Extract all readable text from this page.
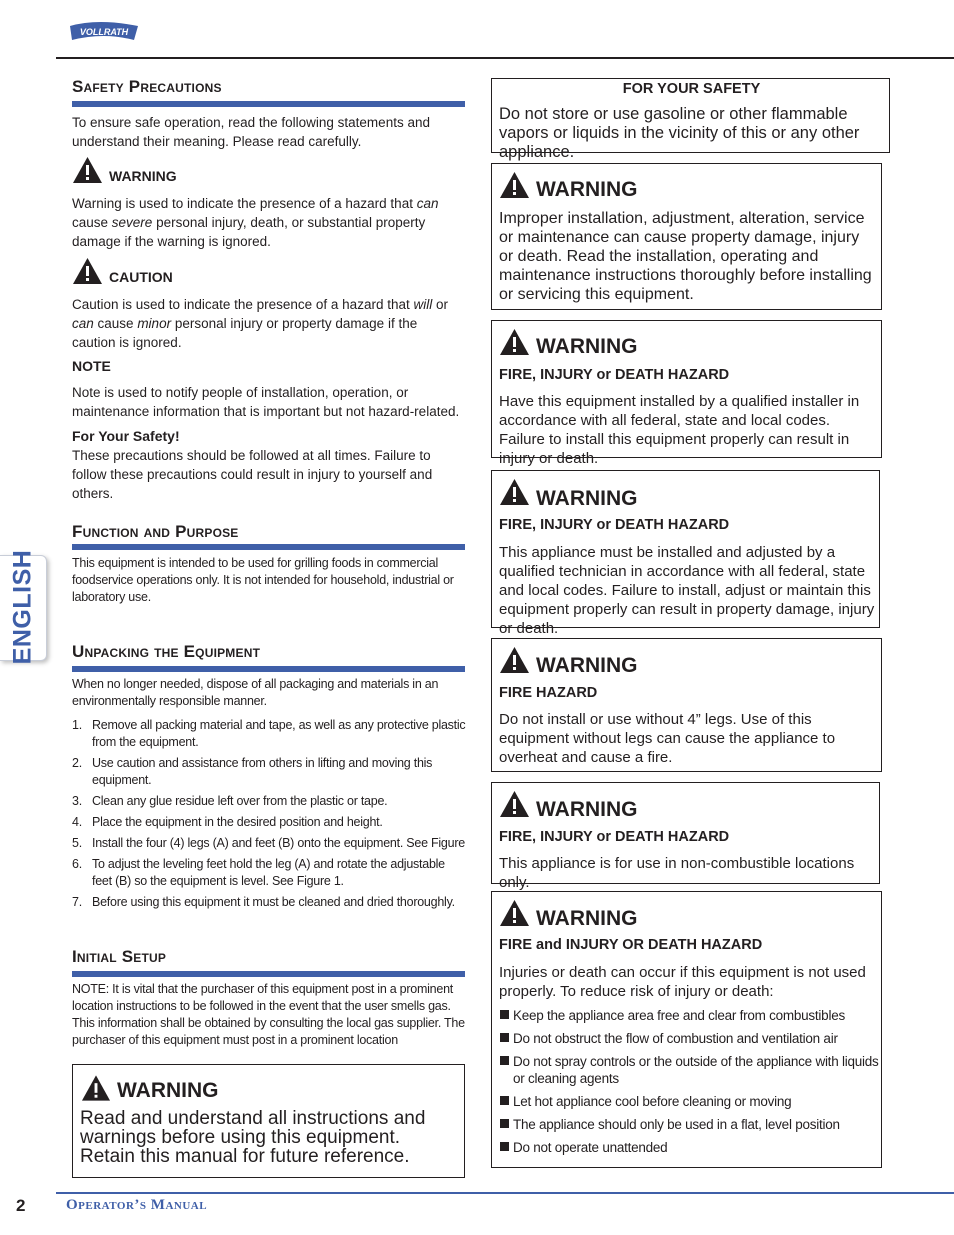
VOLLRATH
ENGLISH
Safety Precautions
To ensure safe operation, read the following statements and understand their meaning. Please read carefully.
WARNING
Warning is used to indicate the presence of a hazard that can cause severe personal injury, death, or substantial property damage if the warning is ignored.
CAUTION
Caution is used to indicate the presence of a hazard that will or can cause minor personal injury or property damage if the caution is ignored.
NOTE
Note is used to notify people of installation, operation, or maintenance information that is important but not hazard-related.
For Your Safety!
These precautions should be followed at all times. Failure to follow these precautions could result in injury to yourself and others.
Function and Purpose
This equipment is intended to be used for grilling foods in commercial foodservice operations only. It is not intended for household, industrial or laboratory use.
Unpacking the Equipment
When no longer needed, dispose of all packaging and materials in an environmentally responsible manner.
1. Remove all packing material and tape, as well as any protective plastic from the equipment.
2. Use caution and assistance from others in lifting and moving this equipment.
3. Clean any glue residue left over from the plastic or tape.
4. Place the equipment in the desired position and height.
5. Install the four (4) legs (A) and feet (B) onto the equipment. See Figure
6. To adjust the leveling feet hold the leg (A) and rotate the adjustable feet (B) so the equipment is level. See Figure 1.
7. Before using this equipment it must be cleaned and dried thoroughly.
Initial Setup
NOTE: It is vital that the purchaser of this equipment post in a prominent location instructions to be followed in the event that the user smells gas. This information shall be obtained by consulting the local gas supplier. The purchaser of this equipment must post in a prominent location
WARNING
Read and understand all instructions and warnings before using this equipment. Retain this manual for future reference.
FOR YOUR SAFETY
Do not store or use gasoline or other flammable vapors or liquids in the vicinity of this or any other appliance.
WARNING
Improper installation, adjustment, alteration, service or maintenance can cause property damage, injury or death. Read the installation, operating and maintenance instructions thoroughly before installing or servicing this equipment.
WARNING
FIRE, INJURY or DEATH HAZARD
Have this equipment installed by a qualified installer in accordance with all federal, state and local codes. Failure to install this equipment properly can result in injury or death.
WARNING
FIRE, INJURY or DEATH HAZARD
This appliance must be installed and adjusted by a qualified technician in accordance with all federal, state and local codes. Failure to install, adjust or maintain this equipment properly can result in property damage, injury or death.
WARNING
FIRE HAZARD
Do not install or use without 4” legs. Use of this equipment without legs can cause the appliance to overheat and cause a fire.
WARNING
FIRE, INJURY or DEATH HAZARD
This appliance is for use in non-combustible locations only.
WARNING
FIRE and INJURY OR DEATH HAZARD
Injuries or death can occur if this equipment is not used properly. To reduce risk of injury or death:
Keep the appliance area free and clear from combustibles
Do not obstruct the flow of combustion and ventilation air
Do not spray controls or the outside of the appliance with liquids or cleaning agents
Let hot appliance cool before cleaning or moving
The appliance should only be used in a flat, level position
Do not operate unattended
2	Operator’s Manual
